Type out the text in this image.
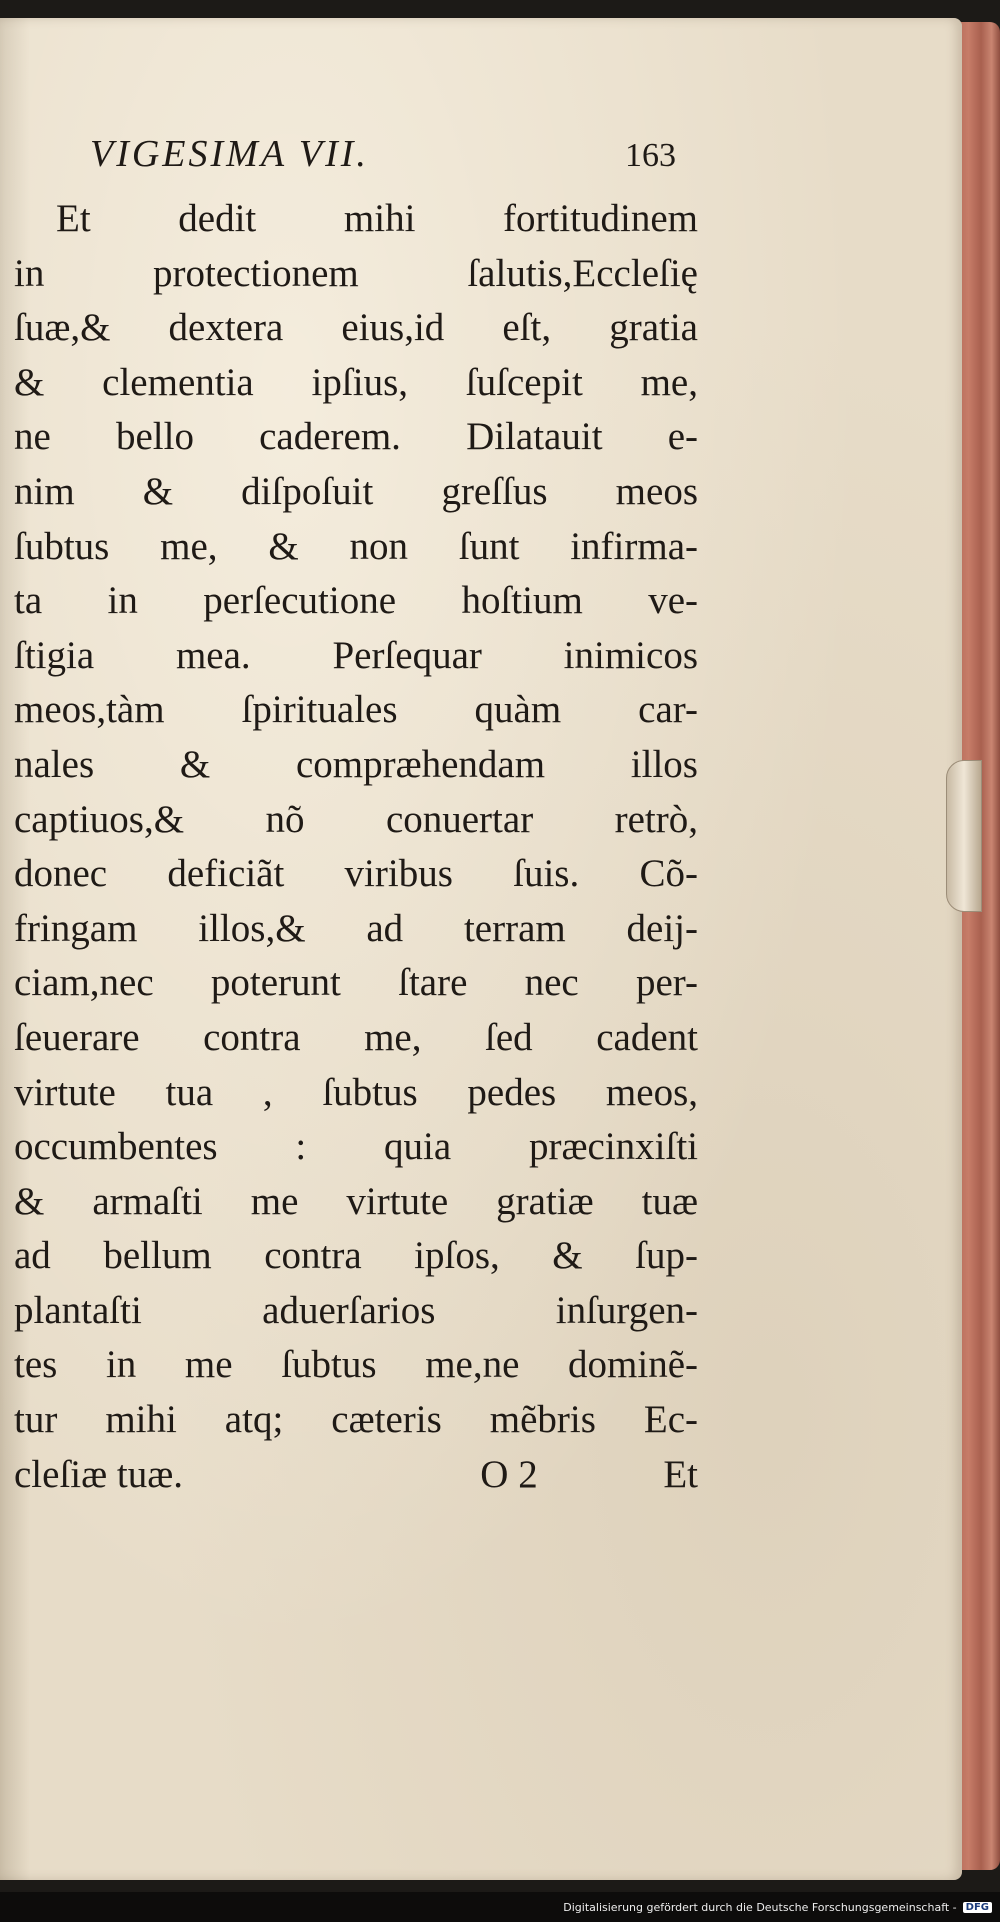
VIGESIMA VII.	163
Et dedit mihi fortitudinem
in protectionem ſalutis,Eccleſię
ſuæ,& dextera eius,id eſt, gratia
& clementia ipſius, ſuſcepit me,
ne bello caderem. Dilatauit e-
nim & diſpoſuit greſſus meos
ſubtus me, & non ſunt infirma-
ta in perſecutione hoſtium ve-
ſtigia mea. Perſequar inimicos
meos,tàm ſpirituales quàm car-
nales & compræhendam illos
captiuos,& nõ conuertar retrò,
donec deficiãt viribus ſuis. Cõ-
fringam illos,& ad terram deij-
ciam,nec poterunt ſtare nec per-
ſeuerare contra me, ſed cadent
virtute tua , ſubtus pedes meos,
occumbentes : quia præcinxiſti
& armaſti me virtute gratiæ tuæ
ad bellum contra ipſos, & ſup-
plantaſti aduerſarios inſurgen-
tes in me ſubtus me,ne dominẽ-
tur mihi atq; cæteris mẽbris Ec-
cleſiæ tuæ.	O 2	Et
Digitalisierung gefördert durch die Deutsche Forschungsgemeinschaft - DFG
